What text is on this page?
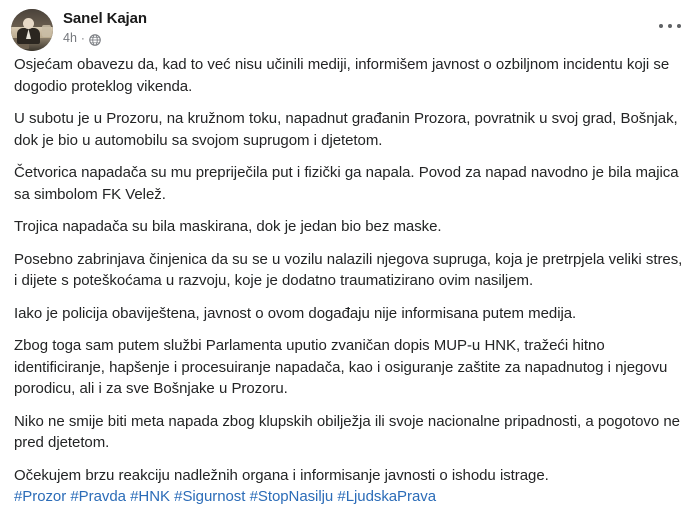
Sanel Kajan
4h ·

Osjećam obavezu da, kad to već nisu učinili mediji, informišem javnost o ozbiljnom incidentu koji se dogodio proteklog vikenda.

U subotu je u Prozoru, na kružnom toku, napadnut građanin Prozora, povratnik u svoj grad, Bošnjak, dok je bio u automobilu sa svojom suprugom i djetetom.

Četvorica napadača su mu prepriječila put i fizički ga napala. Povod za napad navodno je bila majica sa simbolom FK Velež.

Trojica napadača su bila maskirana, dok je jedan bio bez maske.

Posebno zabrinjava činjenica da su se u vozilu nalazili njegova supruga, koja je pretrpjela veliki stres, i dijete s poteškoćama u razvoju, koje je dodatno traumatizirano ovim nasiljem.

Iako je policija obaviještena, javnost o ovom događaju nije informisana putem medija.

Zbog toga sam putem službi Parlamenta uputio zvaničan dopis MUP-u HNK, tražeći hitno identificiranje, hapšenje i procesuiranje napadača, kao i osiguranje zaštite za napadnutog i njegovu porodicu, ali i za sve Bošnjake u Prozoru.

Niko ne smije biti meta napada zbog klupskih obilježja ili svoje nacionalne pripadnosti, a pogotovo ne pred djetetom.

Očekujem brzu reakciju nadležnih organa i informisanje javnosti o ishodu istrage.

#Prozor #Pravda #HNK #Sigurnost #StopNasilju #LjudskaPrava
